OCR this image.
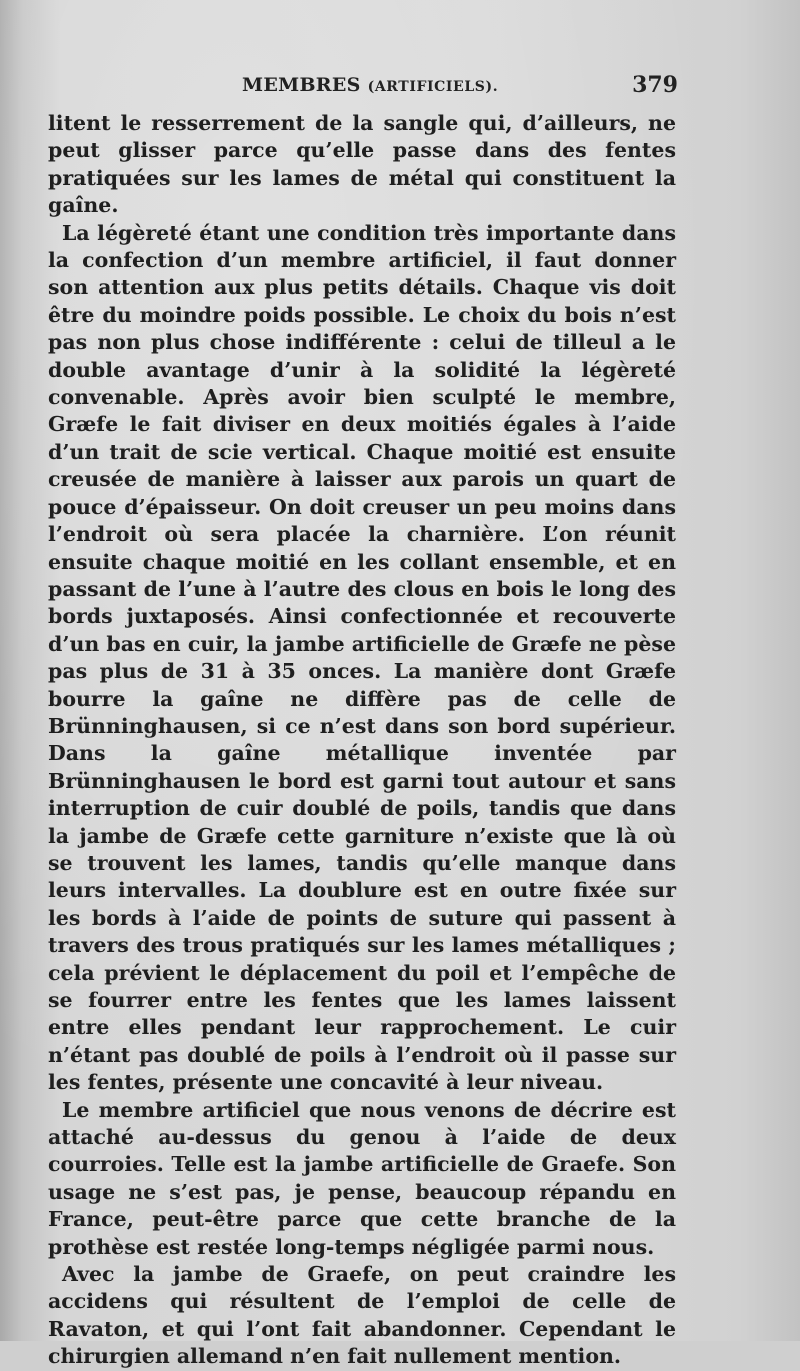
MEMBRES (ARTIFICIELS).	379

litent le resserrement de la sangle qui, d’ailleurs, ne peut glisser parce qu’elle passe dans des fentes pratiquées sur les lames de métal qui constituent la gaîne.

La légèreté étant une condition très importante dans la confection d’un membre artificiel, il faut donner son attention aux plus petits détails. Chaque vis doit être du moindre poids possible. Le choix du bois n’est pas non plus chose indifférente : celui de tilleul a le double avantage d’unir à la solidité la légèreté convenable. Après avoir bien sculpté le membre, Græfe le fait diviser en deux moitiés égales à l’aide d’un trait de scie vertical. Chaque moitié est ensuite creusée de manière à laisser aux parois un quart de pouce d’épaisseur. On doit creuser un peu moins dans l’endroit où sera placée la charnière. L’on réunit ensuite chaque moitié en les collant ensemble, et en passant de l’une à l’autre des clous en bois le long des bords juxtaposés. Ainsi confectionnée et recouverte d’un bas en cuir, la jambe artificielle de Græfe ne pèse pas plus de 31 à 35 onces. La manière dont Græfe bourre la gaîne ne diffère pas de celle de Brünninghausen, si ce n’est dans son bord supérieur. Dans la gaîne métallique inventée par Brünninghausen le bord est garni tout autour et sans interruption de cuir doublé de poils, tandis que dans la jambe de Græfe cette garniture n’existe que là où se trouvent les lames, tandis qu’elle manque dans leurs intervalles. La doublure est en outre fixée sur les bords à l’aide de points de suture qui passent à travers des trous pratiqués sur les lames métalliques ; cela prévient le déplacement du poil et l’empêche de se fourrer entre les fentes que les lames laissent entre elles pendant leur rapprochement. Le cuir n’étant pas doublé de poils à l’endroit où il passe sur les fentes, présente une concavité à leur niveau.

Le membre artificiel que nous venons de décrire est attaché au-dessus du genou à l’aide de deux courroies. Telle est la jambe artificielle de Graefe. Son usage ne s’est pas, je pense, beaucoup répandu en France, peut-être parce que cette branche de la prothèse est restée long-temps négligée parmi nous.

Avec la jambe de Graefe, on peut craindre les accidens qui résultent de l’emploi de celle de Ravaton, et qui l’ont fait abandonner. Cependant le chirurgien allemand n’en fait nullement mention.
